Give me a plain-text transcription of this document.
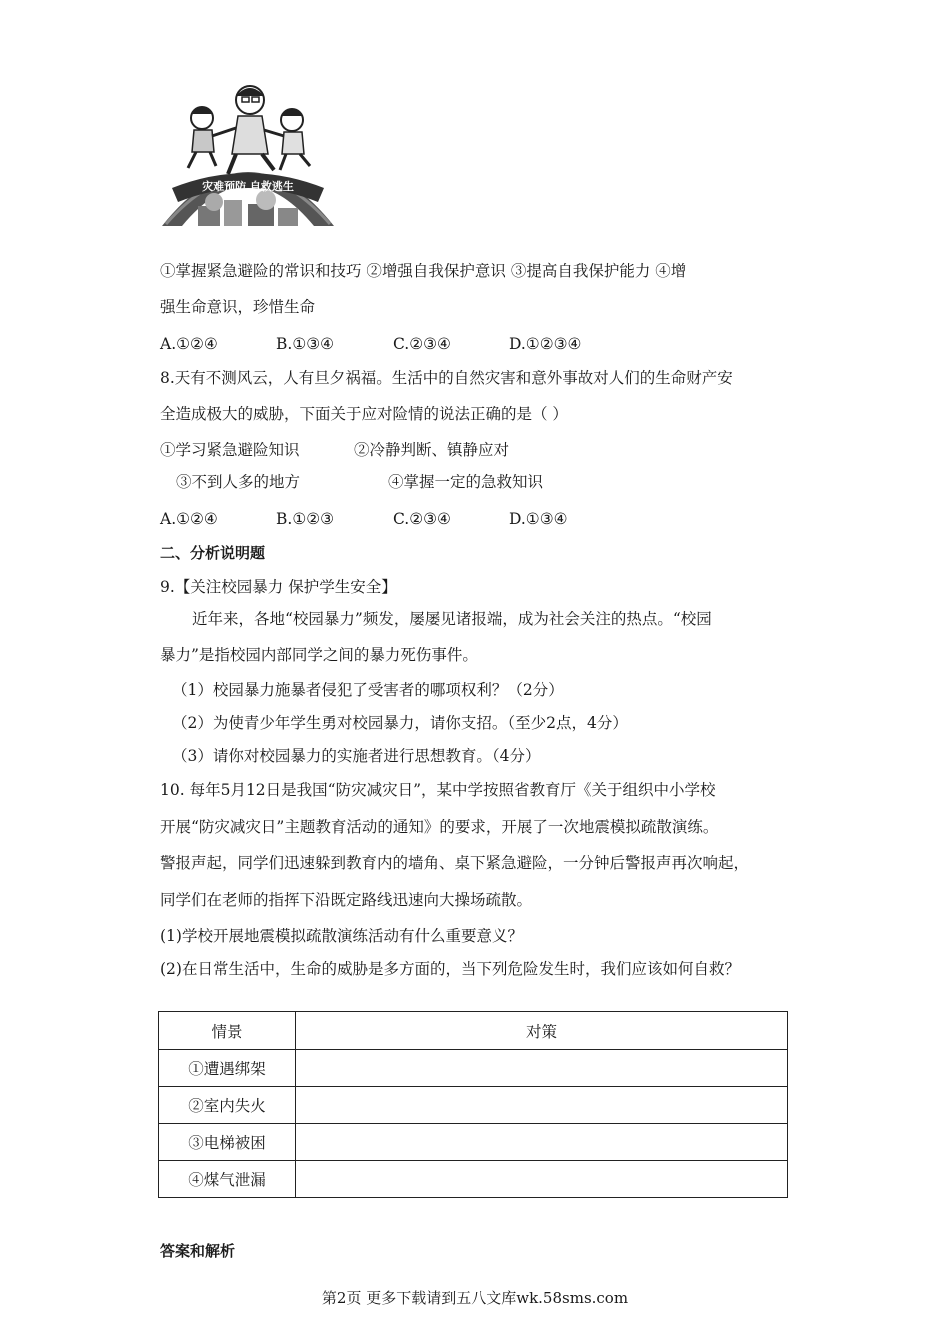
灾难预防 自救逃生
①掌握紧急避险的常识和技巧 ②增强自我保护意识 ③提高自我保护能力 ④增
强生命意识，珍惜生命
A.①②④	B.①③④	C.②③④	D.①②③④
8.天有不测风云，人有旦夕祸福。生活中的自然灾害和意外事故对人们的生命财产安
全造成极大的威胁，下面关于应对险情的说法正确的是（ ）
①学习紧急避险知识	②冷静判断、镇静应对
③不到人多的地方	④掌握一定的急救知识
A.①②④	B.①②③	C.②③④	D.①③④
二、分析说明题
9.【关注校园暴力 保护学生安全】
近年来，各地“校园暴力”频发，屡屡见诸报端，成为社会关注的热点。“校园
暴力”是指校园内部同学之间的暴力死伤事件。
（1）校园暴力施暴者侵犯了受害者的哪项权利？（2分）
（2）为使青少年学生勇对校园暴力，请你支招。（至少2点，4分）
（3）请你对校园暴力的实施者进行思想教育。（4分）
10. 每年5月12日是我国“防灾减灾日”，某中学按照省教育厅《关于组织中小学校
开展“防灾减灾日”主题教育活动的通知》的要求，开展了一次地震模拟疏散演练。
警报声起，同学们迅速躲到教育内的墙角、桌下紧急避险，一分钟后警报声再次响起，
同学们在老师的指挥下沿既定路线迅速向大操场疏散。
(1)学校开展地震模拟疏散演练活动有什么重要意义？
(2)在日常生活中，生命的威胁是多方面的，当下列危险发生时，我们应该如何自救？
情景	对策
①遭遇绑架	
②室内失火	
③电梯被困	
④煤气泄漏	
答案和解析
第2页 更多下载请到五八文库wk.58sms.com
